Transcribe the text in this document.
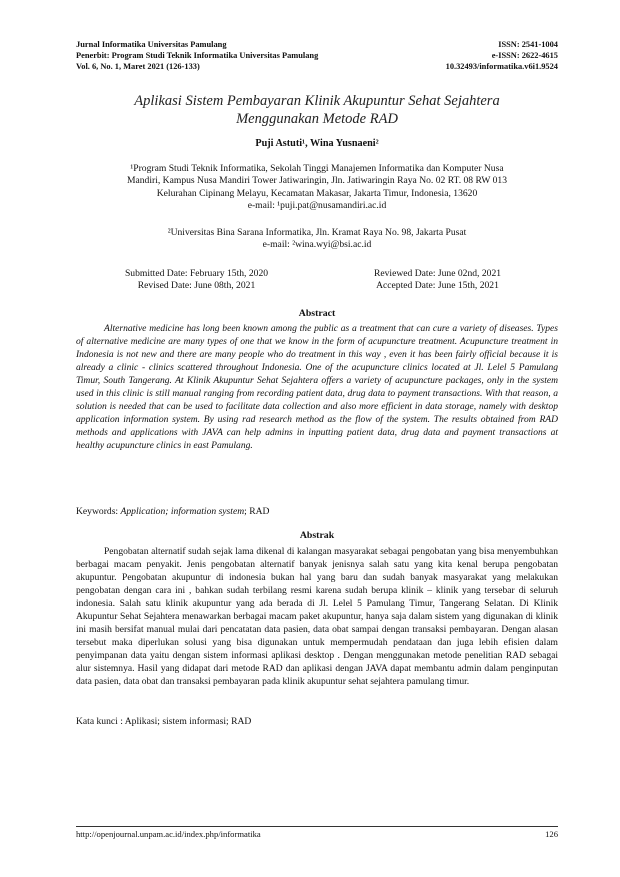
Jurnal Informatika Universitas Pamulang	ISSN: 2541-1004
Penerbit: Program Studi Teknik Informatika Universitas Pamulang	e-ISSN: 2622-4615
Vol. 6, No. 1, Maret 2021 (126-133)	10.32493/informatika.v6i1.9524
Aplikasi Sistem Pembayaran Klinik Akupuntur Sehat Sejahtera
Menggunakan Metode RAD
Puji Astuti¹, Wina Yusnaeni²
¹Program Studi Teknik Informatika, Sekolah Tinggi Manajemen Informatika dan Komputer Nusa
Mandiri, Kampus Nusa Mandiri Tower Jatiwaringin, Jln. Jatiwaringin Raya No. 02 RT. 08 RW 013
Kelurahan Cipinang Melayu, Kecamatan Makasar, Jakarta Timur, Indonesia, 13620
e-mail: ¹puji.pat@nusamandiri.ac.id
²Universitas Bina Sarana Informatika, Jln. Kramat Raya No. 98, Jakarta Pusat
e-mail: ²wina.wyi@bsi.ac.id
Submitted Date: February 15th, 2020	Reviewed Date: June 02nd, 2021
Revised Date: June 08th, 2021	Accepted Date: June 15th, 2021
Abstract

Alternative medicine has long been known among the public as a treatment that can cure a variety of diseases. Types of alternative medicine are many types of one that we know in the form of acupuncture treatment. Acupuncture treatment in Indonesia is not new and there are many people who do treatment in this way , even it has been fairly official because it is already a clinic - clinics scattered throughout Indonesia. One of the acupuncture clinics located at Jl. Lelel 5 Pamulang Timur, South Tangerang. At Klinik Akupuntur Sehat Sejahtera offers a variety of acupuncture packages, only in the system used in this clinic is still manual ranging from recording patient data, drug data to payment transactions. With that reason, a solution is needed that can be used to facilitate data collection and also more efficient in data storage, namely with desktop application information system. By using rad research method as the flow of the system. The results obtained from RAD methods and applications with JAVA can help admins in inputting patient data, drug data and payment transactions at healthy acupuncture clinics in east Pamulang.

Keywords: Application; information system; RAD
Abstrak

Pengobatan alternatif sudah sejak lama dikenal di kalangan masyarakat sebagai pengobatan yang bisa menyembuhkan berbagai macam penyakit. Jenis pengobatan alternatif banyak jenisnya salah satu yang kita kenal berupa pengobatan akupuntur. Pengobatan akupuntur di indonesia bukan hal yang baru dan sudah banyak masyarakat yang melakukan pengobatan dengan cara ini , bahkan sudah terbilang resmi karena sudah berupa klinik – klinik yang tersebar di seluruh indonesia. Salah satu klinik akupuntur yang ada berada di Jl. Lelel 5 Pamulang Timur, Tangerang Selatan. Di Klinik Akupuntur Sehat Sejahtera menawarkan berbagai macam paket akupuntur, hanya saja dalam sistem yang digunakan di klinik ini masih bersifat manual mulai dari pencatatan data pasien, data obat sampai dengan transaksi pembayaran. Dengan alasan tersebut maka diperlukan solusi yang bisa digunakan untuk mempermudah pendataan dan juga lebih efisien dalam penyimpanan data yaitu dengan sistem informasi aplikasi desktop . Dengan menggunakan metode penelitian RAD sebagai alur sistemnya. Hasil yang didapat dari metode RAD dan aplikasi dengan JAVA dapat membantu admin dalam penginputan data pasien, data obat dan transaksi pembayaran pada klinik akupuntur sehat sejahtera pamulang timur.

Kata kunci : Aplikasi; sistem informasi; RAD
http://openjournal.unpam.ac.id/index.php/informatika	126
